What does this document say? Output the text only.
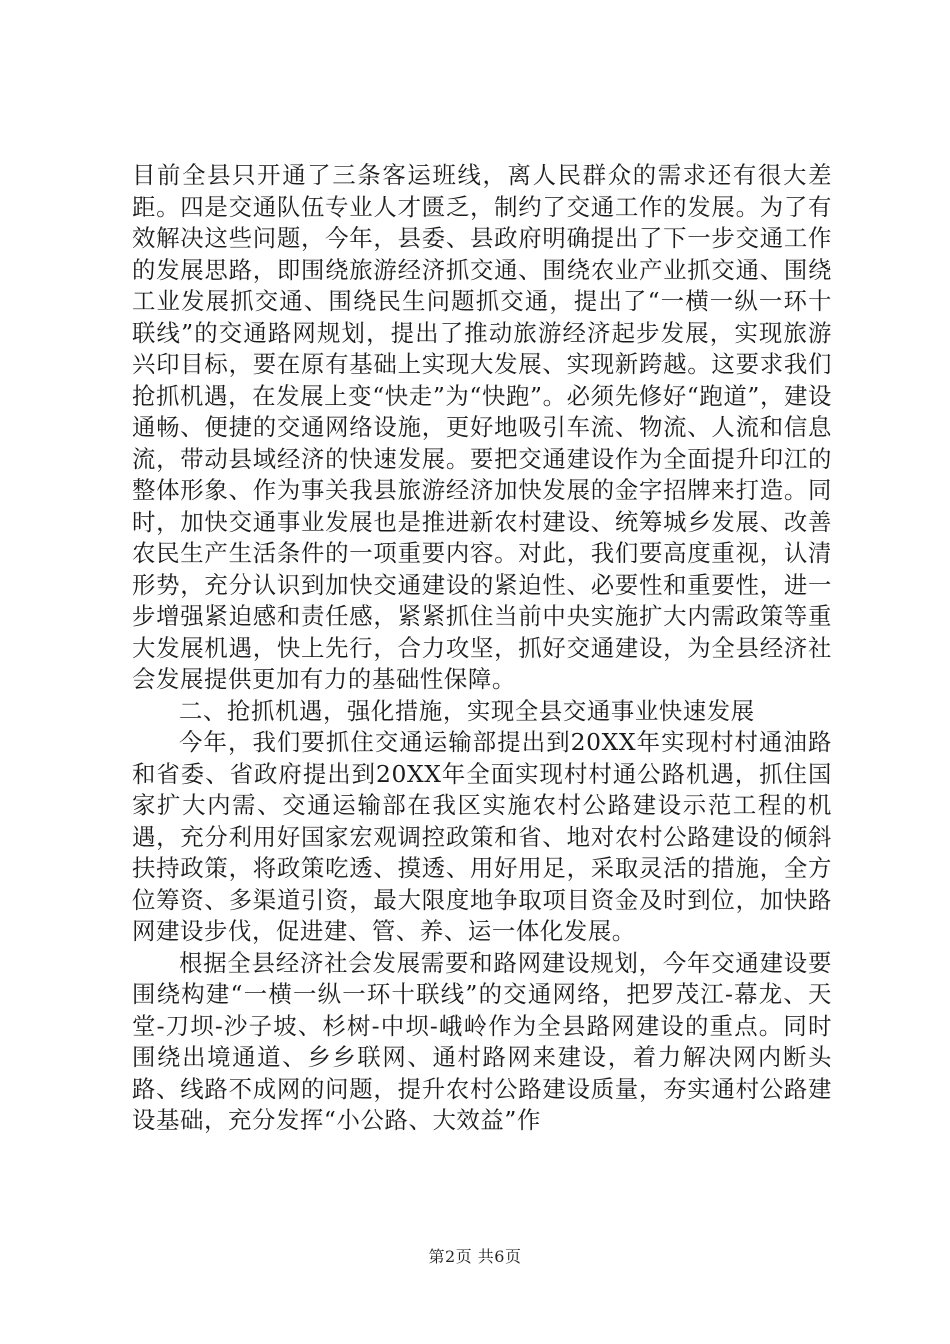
目前全县只开通了三条客运班线，离人民群众的需求还有很大差距。四是交通队伍专业人才匮乏，制约了交通工作的发展。为了有效解决这些问题，今年，县委、县政府明确提出了下一步交通工作的发展思路，即围绕旅游经济抓交通、围绕农业产业抓交通、围绕工业发展抓交通、围绕民生问题抓交通，提出了“一横一纵一环十联线”的交通路网规划，提出了推动旅游经济起步发展，实现旅游兴印目标，要在原有基础上实现大发展、实现新跨越。这要求我们抢抓机遇，在发展上变“快走”为“快跑”。必须先修好“跑道”，建设通畅、便捷的交通网络设施，更好地吸引车流、物流、人流和信息流，带动县域经济的快速发展。要把交通建设作为全面提升印江的整体形象、作为事关我县旅游经济加快发展的金字招牌来打造。同时，加快交通事业发展也是推进新农村建设、统筹城乡发展、改善农民生产生活条件的一项重要内容。对此，我们要高度重视，认清形势，充分认识到加快交通建设的紧迫性、必要性和重要性，进一步增强紧迫感和责任感，紧紧抓住当前中央实施扩大内需政策等重大发展机遇，快上先行，合力攻坚，抓好交通建设，为全县经济社会发展提供更加有力的基础性保障。

二、抢抓机遇，强化措施，实现全县交通事业快速发展

今年，我们要抓住交通运输部提出到20XX年实现村村通油路和省委、省政府提出到20XX年全面实现村村通公路机遇，抓住国家扩大内需、交通运输部在我区实施农村公路建设示范工程的机遇，充分利用好国家宏观调控政策和省、地对农村公路建设的倾斜扶持政策，将政策吃透、摸透、用好用足，采取灵活的措施，全方位筹资、多渠道引资，最大限度地争取项目资金及时到位，加快路网建设步伐，促进建、管、养、运一体化发展。

根据全县经济社会发展需要和路网建设规划，今年交通建设要围绕构建“一横一纵一环十联线”的交通网络，把罗茂江-幕龙、天堂-刀坝-沙子坡、杉树-中坝-峨岭作为全县路网建设的重点。同时围绕出境通道、乡乡联网、通村路网来建设，着力解决网内断头路、线路不成网的问题，提升农村公路建设质量，夯实通村公路建设基础，充分发挥“小公路、大效益”作

第2页 共6页
